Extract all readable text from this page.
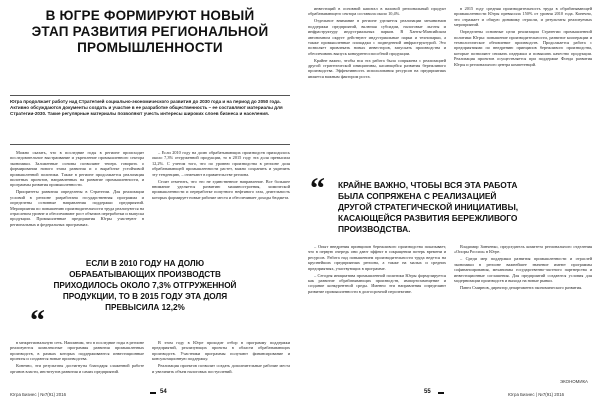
В ЮГРЕ ФОРМИРУЮТ НОВЫЙ
ЭТАП РАЗВИТИЯ РЕГИОНАЛЬНОЙ
ПРОМЫШЛЕННОСТИ
Югра продолжает работу над Стратегией социально-экономического развития до 2030 года и на период до 2050 года. Активно обсуждаются документы создать и участие в ее разработке общественность – ее составляют материалы для Стратегии-2030. Такие регулярные материалы позволяют учесть интересы широких слоев бизнеса и населения.

Можно сказать, что в последние годы в регионе происходит последовательное выстраивание и укрепление промышленного сектора экономики. Заложенные основы позволяют теперь говорить о формировании нового этапа развития и о выработке устойчивой промышленной политики. Также в регионе продолжается реализация пилотных проектов, направленных на развитие промышленности, и программы развития промышленности.

Приоритеты развития определены в Стратегии. Для реализации условий в регионе разработана государственная программа и определены основные направления поддержки предприятий. Мероприятия по повышению производительности труда реализуются на отраслевом уровне и обеспечивают рост объемов переработки и выпуска продукции. Промышленные предприятия Югры участвуют в региональных и федеральных программах.

– Если 2010 году на долю обрабатывающих производств приходилось около 7,3% отгруженной продукции, то в 2015 году эта доля превысила 12,2%. С учетом того, что по уровню производства в регионе доля обрабатывающей промышленности растет, важно сохранить и укрепить эту тенденцию, – отмечают в правительстве региона.

Стоит отметить, что это не единственное направление. Все большее внимание уделяется развитию машиностроения, химической промышленности и переработке попутного нефтяного газа, деятельность которых формирует новые рабочие места и обеспечивает доходы бюджета.

ЕСЛИ В 2010 ГОДУ НА ДОЛЮ
ОБРАБАТЫВАЮЩИХ ПРОИЗВОДСТВ
ПРИХОДИЛОСЬ ОКОЛО 7,3% ОТГРУЖЕННОЙ
ПРОДУКЦИИ, ТО В 2015 ГОДУ ЭТА ДОЛЯ
ПРЕВЫСИЛА 12,2%
“

в межрегиональную сеть. Напомним, что в последние годы в регионе реализуются комплексные программы развития промышленных производств, в рамках которых поддерживаются инвестиционные проекты и создаются новые производства.

Конечно, эти результаты достигнуты благодаря слаженной работе органов власти, институтов развития и самих предприятий.

В этом году в Югре проходит отбор в программу поддержки предприятий, реализующих проекты в области обрабатывающих производств. Участники программы получают финансирование и консультационную поддержку.

Реализация проектов позволит создать дополнительные рабочие места и увеличить объем налоговых поступлений.

Югра Бизнес | №7(91) 2016	54

инвестиций в основной капитал в валовой региональный продукт обрабатывающего сектора составила около 10,4%.

Отдельное внимание в регионе уделяется реализации механизмов поддержки предприятий, включая субсидии, налоговые льготы и инфраструктуру индустриальных парков. В Ханты-Мансийском автономном округе действуют индустриальные парки и технопарки, а также промышленные площадки с подведенной инфраструктурой. Это позволяет привлекать новых инвесторов, запускать производства и обеспечивать выпуск конкурентоспособной продукции.

Крайне важно, чтобы вся эта работа была сопряжена с реализацией другой стратегической инициативы, касающейся развития бережливого производства. Эффективность использования ресурсов на предприятиях является важным фактором роста.

в 2015 году средняя производительность труда в обрабатывающей промышленности Югры превысила 150% от уровня 2010 года. Конечно, это отражает и общую динамику отрасли, и результаты реализуемых мероприятий.

Определены основные цели реализации Стратегии промышленной политики Югры: повышение производительности, развитие кооперации и технологическое обновление производств. Продолжается работа с предприятиями по внедрению принципов бережливого производства, которые позволяют снижать издержки и повышать качество продукции. Реализация проектов осуществляется при поддержке Фонда развития Югры и регионального центра компетенций.

“ КРАЙНЕ ВАЖНО, ЧТОБЫ ВСЯ ЭТА РАБОТА
БЫЛА СОПРЯЖЕНА С РЕАЛИЗАЦИЕЙ
ДРУГОЙ СТРАТЕГИЧЕСКОЙ ИНИЦИАТИВЫ,
КАСАЮЩЕЙСЯ РАЗВИТИЯ БЕРЕЖЛИВОГО
ПРОИЗВОДСТВА.

– Опыт внедрения принципов бережливого производства показывает, что в первую очередь они дают эффект в сокращении потерь времени и ресурсов. Работа над повышением производительности труда ведется на крупнейших предприятиях региона, а также на малых и средних предприятиях, участвующих в программе.

– Сегодня инициатива промышленной политики Югры формулируется как развитие обрабатывающих производств, импортозамещение и создание конкурентной среды. Именно эти направления определяют развитие промышленности в долгосрочной перспективе.

Владимир Зинченко, председатель комитета регионального отделения «Опоры России» в Югре.

– Среди мер поддержки развития промышленности и отраслей экономики в регионе важнейшее значение имеют программы софинансирования, механизмы государственно-частного партнерства и инвестиционные соглашения. Для предприятий создаются условия для модернизации производств и выхода на новые рынки.

Павел Смирнов, директор департамента экономического развития.

55	Югра Бизнес | №7(91) 2016
ЭКОНОМИКА
